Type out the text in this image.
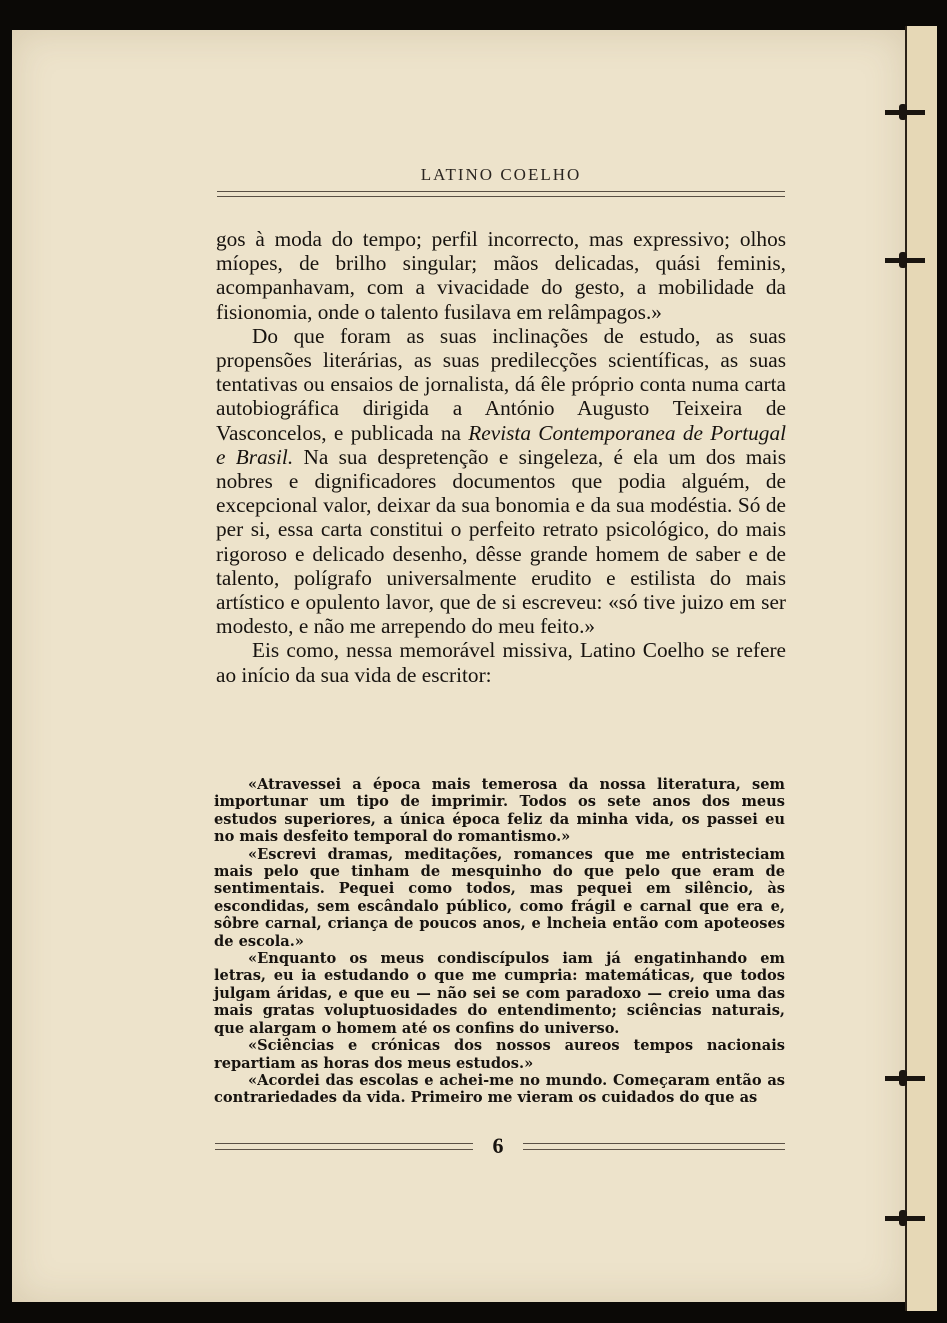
LATINO COELHO

gos à moda do tempo; perfil incorrecto, mas expressivo; olhos míopes, de brilho singular; mãos delicadas, quási feminis, acompanhavam, com a vivacidade do gesto, a mobilidade da fisionomia, onde o talento fusilava em relâmpagos.»

Do que foram as suas inclinações de estudo, as suas propensões literárias, as suas predilecções scientíficas, as suas tentativas ou ensaios de jornalista, dá êle próprio conta numa carta autobiográfica dirigida a António Augusto Teixeira de Vasconcelos, e publicada na Revista Contemporanea de Portugal e Brasil. Na sua despretenção e singeleza, é ela um dos mais nobres e dignificadores documentos que podia alguém, de excepcional valor, deixar da sua bonomia e da sua modéstia. Só de per si, essa carta constitui o perfeito retrato psicológico, do mais rigoroso e delicado desenho, dêsse grande homem de saber e de talento, polígrafo universalmente erudito e estilista do mais artístico e opulento lavor, que de si escreveu: «só tive juizo em ser modesto, e não me arrependo do meu feito.»

Eis como, nessa memorável missiva, Latino Coelho se refere ao início da sua vida de escritor:

«Atravessei a época mais temerosa da nossa literatura, sem importunar um tipo de imprimir. Todos os sete anos dos meus estudos superiores, a única época feliz da minha vida, os passei eu no mais desfeito temporal do romantismo.»

«Escrevi dramas, meditações, romances que me entristeciam mais pelo que tinham de mesquinho do que pelo que eram de sentimentais. Pequei como todos, mas pequei em silêncio, às escondidas, sem escândalo público, como frágil e carnal que era e, sôbre carnal, criança de poucos anos, e lncheia então com apoteoses de escola.»

«Enquanto os meus condiscípulos iam já engatinhando em letras, eu ia estudando o que me cumpria: matemáticas, que todos julgam áridas, e que eu — não sei se com paradoxo — creio uma das mais gratas voluptuosidades do entendimento; sciências naturais, que alargam o homem até os confins do universo.

«Sciências e crónicas dos nossos aureos tempos nacionais repartiam as horas dos meus estudos.»

«Acordei das escolas e achei-me no mundo. Começaram então as contrariedades da vida. Primeiro me vieram os cuidados do que as

6
